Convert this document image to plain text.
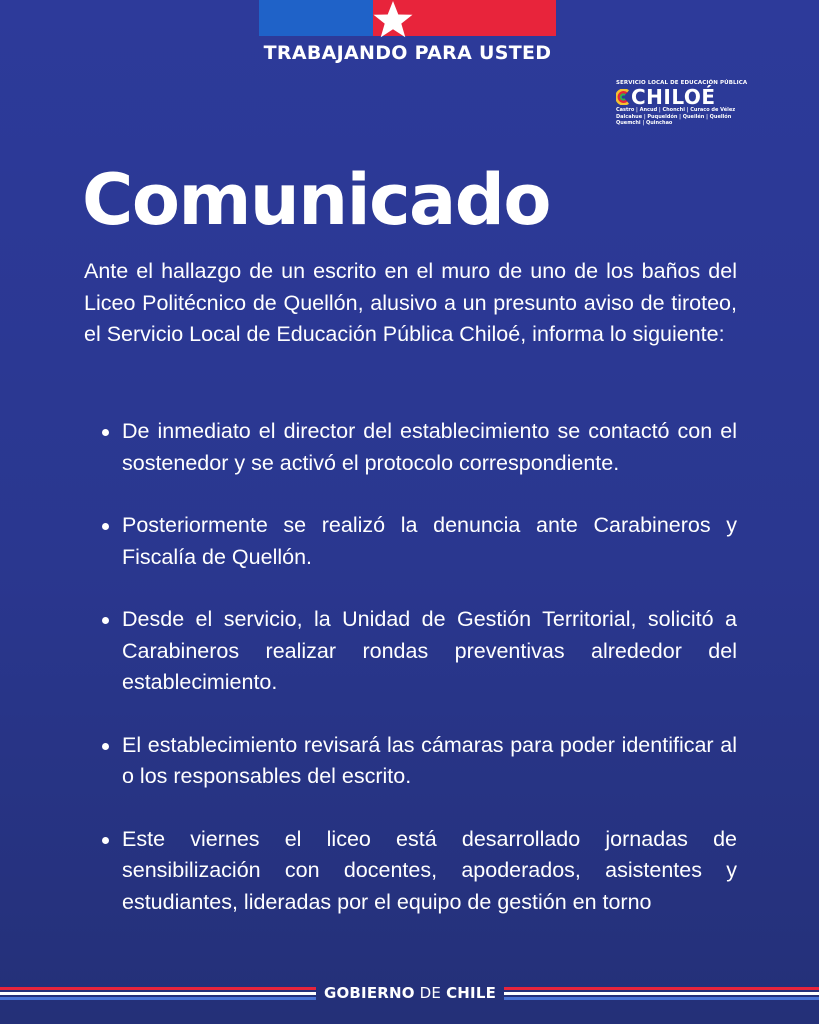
TRABAJANDO PARA USTED
SERVICIO LOCAL DE EDUCACIÓN PÚBLICA
CHILOÉ
Castro | Ancud | Chonchi | Curaco de Vélez Dalcahue | Puqueldón | Queilén | Quellón Quemchi | Quinchao
Comunicado

Ante el hallazgo de un escrito en el muro de uno de los baños del Liceo Politécnico de Quellón, alusivo a un presunto aviso de tiroteo, el Servicio Local de Educación Pública Chiloé, informa lo siguiente:

De inmediato el director del establecimiento se contactó con el sostenedor y se activó el protocolo correspondiente.
Posteriormente se realizó la denuncia ante Carabineros y Fiscalía de Quellón.
Desde el servicio, la Unidad de Gestión Territorial, solicitó a Carabineros realizar rondas preventivas alrededor del establecimiento.
El establecimiento revisará las cámaras para poder identificar al o los responsables del escrito.
Este viernes el liceo está desarrollado jornadas de sensibilización con docentes, apoderados, asistentes y estudiantes, lideradas por el equipo de gestión en torno
GOBIERNO DE CHILE
